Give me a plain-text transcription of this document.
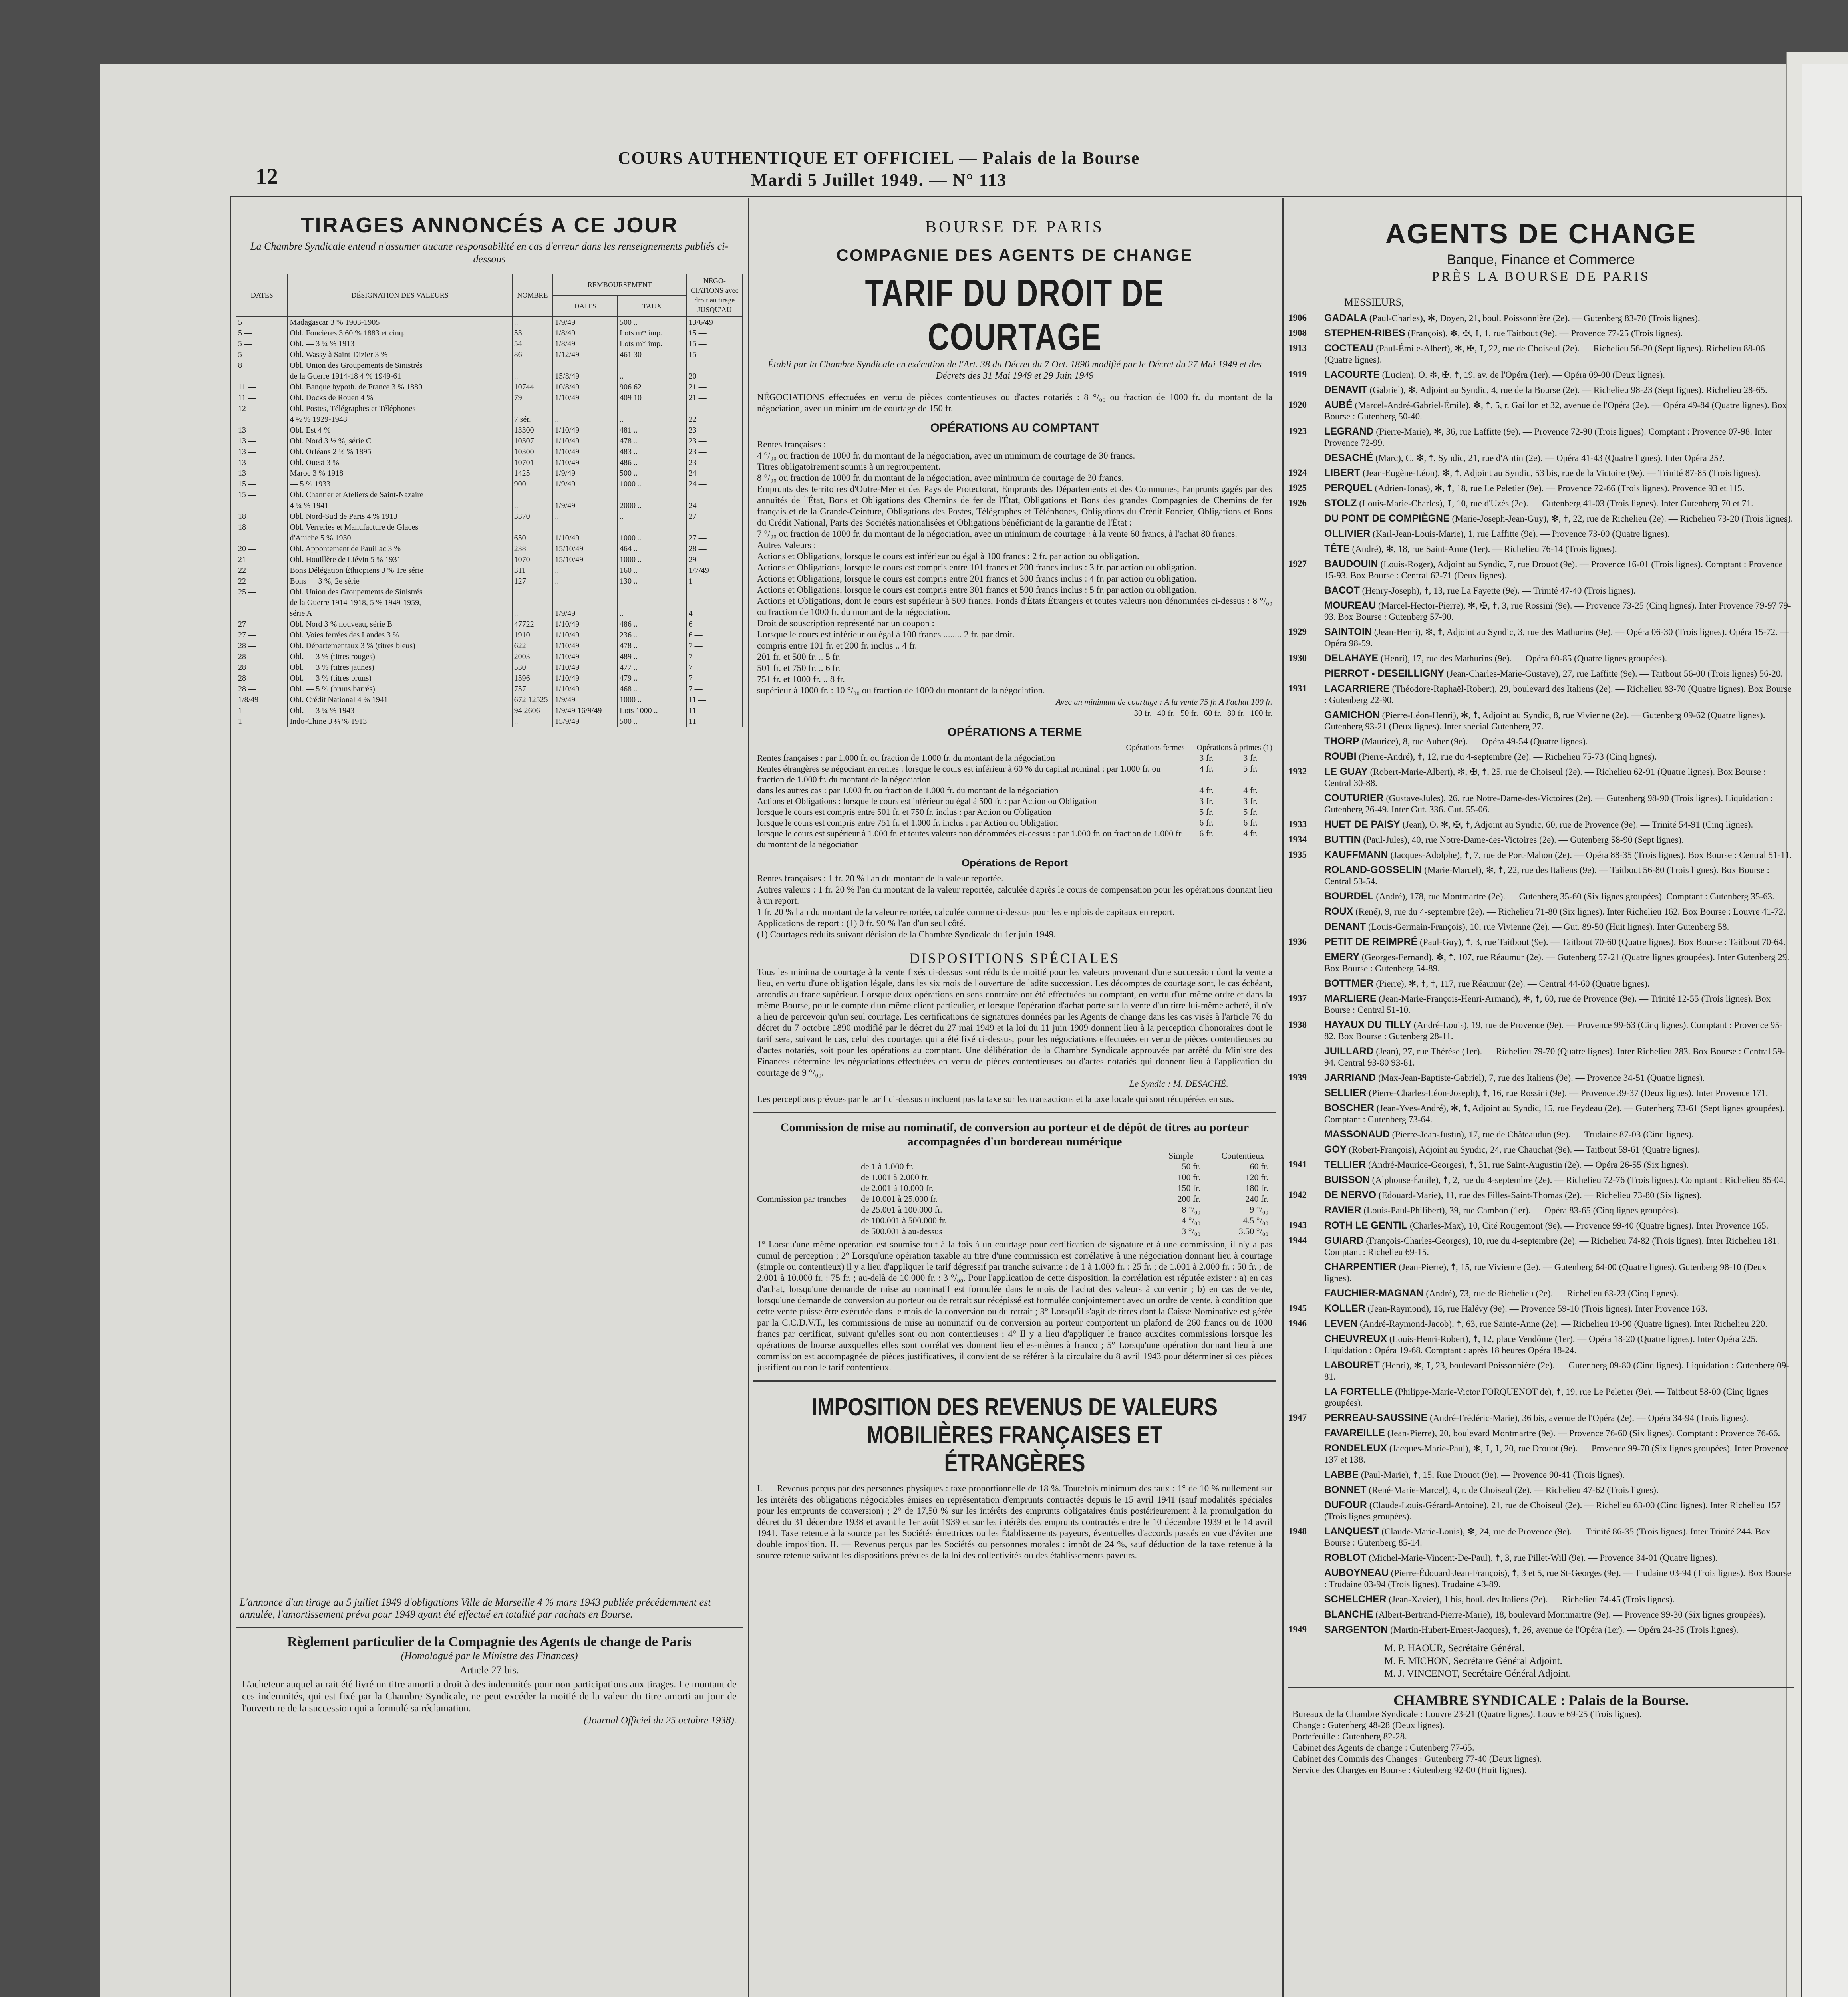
12
COURS AUTHENTIQUE ET OFFICIEL — Palais de la Bourse
Mardi 5 Juillet 1949. — N° 113
TIRAGES ANNONCÉS A CE JOUR
La Chambre Syndicale entend n'assumer aucune responsabilité en cas d'erreur dans les renseignements publiés ci-dessous
DATES	DÉSIGNATION DES VALEURS	NOMBRE	REMBOURSEMENT		NÉGO-CIATIONS avec droit au tirage JUSQU'AU
			DATES	TAUX	
5 —	Madagascar 3 % 1903-1905	..	1/9/49	500 ..	13/6/49
5 —	Obl. Foncières 3.60 % 1883 et cinq.	53	1/8/49	Lots m* imp.	15 —
5 —	Obl. — 3 ¼ % 1913	54	1/8/49	Lots m* imp.	15 —
5 —	Obl. Wassy à Saint-Dizier 3 %	86	1/12/49	461 30	15 —
8 —	Obl. Union des Groupements de Sinistrés				
	de la Guerre 1914-18 4 % 1949-61	..	15/8/49	..	20 —
11 —	Obl. Banque hypoth. de France 3 % 1880	10744	10/8/49	906 62	21 —
11 —	Obl. Docks de Rouen 4 %	79	1/10/49	409 10	21 —
12 —	Obl. Postes, Télégraphes et Téléphones				
	4 ½ % 1929-1948	7 sér.	..	..	22 —
13 —	Obl. Est 4 %	13300	1/10/49	481 ..	23 —
13 —	Obl. Nord 3 ½ %, série C	10307	1/10/49	478 ..	23 —
13 —	Obl. Orléans 2 ½ % 1895	10300	1/10/49	483 ..	23 —
13 —	Obl. Ouest 3 %	10701	1/10/49	486 ..	23 —
13 —	Maroc 3 % 1918	1425	1/9/49	500 ..	24 —
15 —	— 5 % 1933	900	1/9/49	1000 ..	24 —
15 —	Obl. Chantier et Ateliers de Saint-Nazaire				
	4 ¼ % 1941	..	1/9/49	2000 ..	24 —
18 —	Obl. Nord-Sud de Paris 4 % 1913	3370	..	..	27 —
18 —	Obl. Verreries et Manufacture de Glaces				
	d'Aniche 5 % 1930	650	1/10/49	1000 ..	27 —
20 —	Obl. Appontement de Pauillac 3 %	238	15/10/49	464 ..	28 —
21 —	Obl. Houillère de Liévin 5 % 1931	1070	15/10/49	1000 ..	29 —
22 —	Bons Délégation Éthiopiens 3 % 1re série	311	..	160 ..	1/7/49
22 —	Bons — 3 %, 2e série	127	..	130 ..	1 —
25 —	Obl. Union des Groupements de Sinistrés				
	de la Guerre 1914-1918, 5 % 1949-1959,				
	série A	..	1/9/49	..	4 —
27 —	Obl. Nord 3 % nouveau, série B	47722	1/10/49	486 ..	6 —
27 —	Obl. Voies ferrées des Landes 3 %	1910	1/10/49	236 ..	6 —
28 —	Obl. Départementaux 3 % (titres bleus)	622	1/10/49	478 ..	7 —
28 —	Obl. — 3 % (titres rouges)	2003	1/10/49	489 ..	7 —
28 —	Obl. — 3 % (titres jaunes)	530	1/10/49	477 ..	7 —
28 —	Obl. — 3 % (titres bruns)	1596	1/10/49	479 ..	7 —
28 —	Obl. — 5 % (bruns barrés)	757	1/10/49	468 ..	7 —
1/8/49	Obl. Crédit National 4 % 1941	672 12525	1/9/49	1000 ..	11 —
1 —	Obl. — 3 ¼ % 1943	94 2606	1/9/49 16/9/49	Lots 1000 ..	11 —
1 —	Indo-Chine 3 ¼ % 1913	..	15/9/49	500 ..	11 —
L'annonce d'un tirage au 5 juillet 1949 d'obligations Ville de Marseille 4 % mars 1943 publiée précédemment est annulée, l'amortissement prévu pour 1949 ayant été effectué en totalité par rachats en Bourse.
Règlement particulier de la Compagnie des Agents de change de Paris
(Homologué par le Ministre des Finances)
Article 27 bis.
L'acheteur auquel aurait été livré un titre amorti a droit à des indemnités pour non participations aux tirages. Le montant de ces indemnités, qui est fixé par la Chambre Syndicale, ne peut excéder la moitié de la valeur du titre amorti au jour de l'ouverture de la succession qui a formulé sa réclamation.
(Journal Officiel du 25 octobre 1938).
BOURSE DE PARIS
COMPAGNIE DES AGENTS DE CHANGE
TARIF DU DROIT DE COURTAGE
Établi par la Chambre Syndicale en exécution de l'Art. 38 du Décret du 7 Oct. 1890 modifié par le Décret du 27 Mai 1949 et des Décrets des 31 Mai 1949 et 29 Juin 1949
NÉGOCIATIONS effectuées en vertu de pièces contentieuses ou d'actes notariés : 8 °/₀₀ ou fraction de 1000 fr. du montant de la négociation, avec un minimum de courtage de 150 fr.
OPÉRATIONS AU COMPTANT
Rentes françaises :
4 °/₀₀ ou fraction de 1000 fr. du montant de la négociation, avec un minimum de courtage de 30 francs.
Titres obligatoirement soumis à un regroupement.
8 °/₀₀ ou fraction de 1000 fr. du montant de la négociation, avec minimum de courtage de 30 francs.
Emprunts des territoires d'Outre-Mer et des Pays de Protectorat, Emprunts des Départements et des Communes, Emprunts gagés par des annuités de l'État, Bons et Obligations des Chemins de fer de l'État, Obligations et Bons des grandes Compagnies de Chemins de fer français et de la Grande-Ceinture, Obligations des Postes, Télégraphes et Téléphones, Obligations du Crédit Foncier, Obligations et Bons du Crédit National, Parts des Sociétés nationalisées et Obligations bénéficiant de la garantie de l'État :
7 °/₀₀ ou fraction de 1000 fr. du montant de la négociation, avec un minimum de courtage : à la vente 60 francs, à l'achat 80 francs.
Autres Valeurs :
Actions et Obligations, lorsque le cours est inférieur ou égal à 100 francs : 2 fr. par action ou obligation.
Actions et Obligations, lorsque le cours est compris entre 101 francs et 200 francs inclus : 3 fr. par action ou obligation.
Actions et Obligations, lorsque le cours est compris entre 201 francs et 300 francs inclus : 4 fr. par action ou obligation.
Actions et Obligations, lorsque le cours est compris entre 301 francs et 500 francs inclus : 5 fr. par action ou obligation.
Actions et Obligations, dont le cours est supérieur à 500 francs, Fonds d'États Étrangers et toutes valeurs non dénommées ci-dessus : 8 °/₀₀ ou fraction de 1000 fr. du montant de la négociation.
Droit de souscription représenté par un coupon :
Lorsque le cours est inférieur ou égal à 100 francs ........ 2 fr. par droit.
compris entre 101 fr. et 200 fr. inclus .. 4 fr.
201 fr. et 500 fr. .. 5 fr.
501 fr. et 750 fr. .. 6 fr.
751 fr. et 1000 fr. .. 8 fr.
supérieur à 1000 fr. : 10 °/₀₀ ou fraction de 1000 du montant de la négociation.
Avec un minimum de courtage : A la vente 75 fr. A l'achat 100 fr.
30 fr. 40 fr. 50 fr. 60 fr. 80 fr. 100 fr.
OPÉRATIONS A TERME
Opérations fermes Opérations à primes (1)
Rentes françaises : par 1.000 fr. ou fraction de 1.000 fr. du montant de la négociation	3 fr.	3 fr.
Rentes étrangères se négociant en rentes : lorsque le cours est inférieur à 60 % du capital nominal : par 1.000 fr. ou fraction de 1.000 fr. du montant de la négociation
4 fr.	5 fr.
dans les autres cas : par 1.000 fr. ou fraction de 1.000 fr. du montant de la négociation	4 fr.	4 fr.
Actions et Obligations : lorsque le cours est inférieur ou égal à 500 fr. : par Action ou Obligation	3 fr.	3 fr.
lorsque le cours est compris entre 501 fr. et 750 fr. inclus : par Action ou Obligation	5 fr.	5 fr.
lorsque le cours est compris entre 751 fr. et 1.000 fr. inclus : par Action ou Obligation	6 fr.	6 fr.
lorsque le cours est supérieur à 1.000 fr. et toutes valeurs non dénommées ci-dessus : par 1.000 fr. ou fraction de 1.000 fr. du montant de la négociation
6 fr.	4 fr.
Opérations de Report
Rentes françaises : 1 fr. 20 % l'an du montant de la valeur reportée.
Autres valeurs : 1 fr. 20 % l'an du montant de la valeur reportée, calculée d'après le cours de compensation pour les opérations donnant lieu à un report.
1 fr. 20 % l'an du montant de la valeur reportée, calculée comme ci-dessus pour les emplois de capitaux en report.
Applications de report : (1) 0 fr. 90 % l'an d'un seul côté.
(1) Courtages réduits suivant décision de la Chambre Syndicale du 1er juin 1949.
DISPOSITIONS SPÉCIALES
Tous les minima de courtage à la vente fixés ci-dessus sont réduits de moitié pour les valeurs provenant d'une succession dont la vente a lieu, en vertu d'une obligation légale, dans les six mois de l'ouverture de ladite succession. Les décomptes de courtage sont, le cas échéant, arrondis au franc supérieur. Lorsque deux opérations en sens contraire ont été effectuées au comptant, en vertu d'un même ordre et dans la même Bourse, pour le compte d'un même client particulier, et lorsque l'opération d'achat porte sur la vente d'un titre lui-même acheté, il n'y a lieu de percevoir qu'un seul courtage. Les certifications de signatures données par les Agents de change dans les cas visés à l'article 76 du décret du 7 octobre 1890 modifié par le décret du 27 mai 1949 et la loi du 11 juin 1909 donnent lieu à la perception d'honoraires dont le tarif sera, suivant le cas, celui des courtages qui a été fixé ci-dessus, pour les négociations effectuées en vertu de pièces contentieuses ou d'actes notariés, soit pour les opérations au comptant. Une délibération de la Chambre Syndicale approuvée par arrêté du Ministre des Finances détermine les négociations effectuées en vertu de pièces contentieuses ou d'actes notariés qui donnent lieu à l'application du courtage de 9 °/₀₀.
Le Syndic : M. DESACHÉ.
Les perceptions prévues par le tarif ci-dessus n'incluent pas la taxe sur les transactions et la taxe locale qui sont récupérées en sus.
Commission de mise au nominatif, de conversion au porteur et de dépôt de titres au porteur accompagnées d'un bordereau numérique
Simple	Contentieux
Commission par tranches
de 1 à 1.000 fr.	50 fr.	60 fr.
de 1.001 à 2.000 fr.	100 fr.	120 fr.
de 2.001 à 10.000 fr.	150 fr.	180 fr.
de 10.001 à 25.000 fr.	200 fr.	240 fr.
de 25.001 à 100.000 fr.	8 °/₀₀	9 °/₀₀
de 100.001 à 500.000 fr.	4 °/₀₀	4.5 °/₀₀
de 500.001 à au-dessus	3 °/₀₀	3.50 °/₀₀
1° Lorsqu'une même opération est soumise tout à la fois à un courtage pour certification de signature et à une commission, il n'y a pas cumul de perception ; 2° Lorsqu'une opération taxable au titre d'une commission est corrélative à une négociation donnant lieu à courtage (simple ou contentieux) il y a lieu d'appliquer le tarif dégressif par tranche suivante : de 1 à 1.000 fr. : 25 fr. ; de 1.001 à 2.000 fr. : 50 fr. ; de 2.001 à 10.000 fr. : 75 fr. ; au-delà de 10.000 fr. : 3 °/₀₀. Pour l'application de cette disposition, la corrélation est réputée exister : a) en cas d'achat, lorsqu'une demande de mise au nominatif est formulée dans le mois de l'achat des valeurs à convertir ; b) en cas de vente, lorsqu'une demande de conversion au porteur ou de retrait sur récépissé est formulée conjointement avec un ordre de vente, à condition que cette vente puisse être exécutée dans le mois de la conversion ou du retrait ; 3° Lorsqu'il s'agit de titres dont la Caisse Nominative est gérée par la C.C.D.V.T., les commissions de mise au nominatif ou de conversion au porteur comportent un plafond de 260 francs ou de 1000 francs par certificat, suivant qu'elles sont ou non contentieuses ; 4° Il y a lieu d'appliquer le franco auxdites commissions lorsque les opérations de bourse auxquelles elles sont corrélatives donnent lieu elles-mêmes à franco ; 5° Lorsqu'une opération donnant lieu à une commission est accompagnée de pièces justificatives, il convient de se référer à la circulaire du 8 avril 1943 pour déterminer si ces pièces justifient ou non le tarif contentieux.
IMPOSITION DES REVENUS DE VALEURS MOBILIÈRES FRANÇAISES ET ÉTRANGÈRES
I. — Revenus perçus par des personnes physiques : taxe proportionnelle de 18 %. Toutefois minimum des taux : 1° de 10 % nullement sur les intérêts des obligations négociables émises en représentation d'emprunts contractés depuis le 15 avril 1941 (sauf modalités spéciales pour les emprunts de conversion) ; 2° de 17,50 % sur les intérêts des emprunts obligataires émis postérieurement à la promulgation du décret du 31 décembre 1938 et avant le 1er août 1939 et sur les intérêts des emprunts contractés entre le 10 décembre 1939 et le 14 avril 1941. Taxe retenue à la source par les Sociétés émettrices ou les Établissements payeurs, éventuelles d'accords passés en vue d'éviter une double imposition. II. — Revenus perçus par les Sociétés ou personnes morales : impôt de 24 %, sauf déduction de la taxe retenue à la source retenue suivant les dispositions prévues de la loi des collectivités ou des établissements payeurs.
AGENTS DE CHANGE
Banque, Finance et Commerce
PRÈS LA BOURSE DE PARIS
MESSIEURS,
1906	GADALA (Paul-Charles), ✻, Doyen, 21, boul. Poissonnière (2e). — Gutenberg 83-70 (Trois lignes).
1908	STEPHEN-RIBES (François), ✻, ✠, ☨, 1, rue Taitbout (9e). — Provence 77-25 (Trois lignes).
1913	COCTEAU (Paul-Émile-Albert), ✻, ✠, ☨, 22, rue de Choiseul (2e). — Richelieu 56-20 (Sept lignes). Richelieu 88-06 (Quatre lignes).
1919	LACOURTE (Lucien), O. ✻, ✠, ☨, 19, av. de l'Opéra (1er). — Opéra 09-00 (Deux lignes).
DENAVIT (Gabriel), ✻, Adjoint au Syndic, 4, rue de la Bourse (2e). — Richelieu 98-23 (Sept lignes). Richelieu 28-65.
1920	AUBÉ (Marcel-André-Gabriel-Émile), ✻, ☨, 5, r. Gaillon et 32, avenue de l'Opéra (2e). — Opéra 49-84 (Quatre lignes). Box Bourse : Gutenberg 50-40.
1923	LEGRAND (Pierre-Marie), ✻, 36, rue Laffitte (9e). — Provence 72-90 (Trois lignes). Comptant : Provence 07-98. Inter Provence 72-99.
DESACHÉ (Marc), C. ✻, ☨, Syndic, 21, rue d'Antin (2e). — Opéra 41-43 (Quatre lignes). Inter Opéra 25?.
1924	LIBERT (Jean-Eugène-Léon), ✻, ☨, Adjoint au Syndic, 53 bis, rue de la Victoire (9e). — Trinité 87-85 (Trois lignes).
1925	PERQUEL (Adrien-Jonas), ✻, ☨, 18, rue Le Peletier (9e). — Provence 72-66 (Trois lignes). Provence 93 et 115.
1926	STOLZ (Louis-Marie-Charles), ☨, 10, rue d'Uzès (2e). — Gutenberg 41-03 (Trois lignes). Inter Gutenberg 70 et 71.
DU PONT DE COMPIÈGNE (Marie-Joseph-Jean-Guy), ✻, ☨, 22, rue de Richelieu (2e). — Richelieu 73-20 (Trois lignes).
OLLIVIER (Karl-Jean-Louis-Marie), 1, rue Laffitte (9e). — Provence 73-00 (Quatre lignes).
TÊTE (André), ✻, 18, rue Saint-Anne (1er). — Richelieu 76-14 (Trois lignes).
1927	BAUDOUIN (Louis-Roger), Adjoint au Syndic, 7, rue Drouot (9e). — Provence 16-01 (Trois lignes). Comptant : Provence 15-93. Box Bourse : Central 62-71 (Deux lignes).
BACOT (Henry-Joseph), ☨, 13, rue La Fayette (9e). — Trinité 47-40 (Trois lignes).
MOUREAU (Marcel-Hector-Pierre), ✻, ✠, ☨, 3, rue Rossini (9e). — Provence 73-25 (Cinq lignes). Inter Provence 79-97 79-93. Box Bourse : Gutenberg 57-90.
1929	SAINTOIN (Jean-Henri), ✻, ☨, Adjoint au Syndic, 3, rue des Mathurins (9e). — Opéra 06-30 (Trois lignes). Opéra 15-72. — Opéra 98-59.
1930	DELAHAYE (Henri), 17, rue des Mathurins (9e). — Opéra 60-85 (Quatre lignes groupées).
PIERROT - DESEILLIGNY (Jean-Charles-Marie-Gustave), 27, rue Laffitte (9e). — Taitbout 56-00 (Trois lignes) 56-20.
1931	LACARRIERE (Théodore-Raphaël-Robert), 29, boulevard des Italiens (2e). — Richelieu 83-70 (Quatre lignes). Box Bourse : Gutenberg 22-90.
GAMICHON (Pierre-Léon-Henri), ✻, ☨, Adjoint au Syndic, 8, rue Vivienne (2e). — Gutenberg 09-62 (Quatre lignes). Gutenberg 93-21 (Deux lignes). Inter spécial Gutenberg 27.
THORP (Maurice), 8, rue Auber (9e). — Opéra 49-54 (Quatre lignes).
ROUBI (Pierre-André), ☨, 12, rue du 4-septembre (2e). — Richelieu 75-73 (Cinq lignes).
1932	LE GUAY (Robert-Marie-Albert), ✻, ✠, ☨, 25, rue de Choiseul (2e). — Richelieu 62-91 (Quatre lignes). Box Bourse : Central 30-88.
COUTURIER (Gustave-Jules), 26, rue Notre-Dame-des-Victoires (2e). — Gutenberg 98-90 (Trois lignes). Liquidation : Gutenberg 26-49. Inter Gut. 336. Gut. 55-06.
1933	HUET DE PAISY (Jean), O. ✻, ✠, ☨, Adjoint au Syndic, 60, rue de Provence (9e). — Trinité 54-91 (Cinq lignes).
1934	BUTTIN (Paul-Jules), 40, rue Notre-Dame-des-Victoires (2e). — Gutenberg 58-90 (Sept lignes).
1935	KAUFFMANN (Jacques-Adolphe), ☨, 7, rue de Port-Mahon (2e). — Opéra 88-35 (Trois lignes). Box Bourse : Central 51-11.
ROLAND-GOSSELIN (Marie-Marcel), ✻, ☨, 22, rue des Italiens (9e). — Taitbout 56-80 (Trois lignes). Box Bourse : Central 53-54.
BOURDEL (André), 178, rue Montmartre (2e). — Gutenberg 35-60 (Six lignes groupées). Comptant : Gutenberg 35-63.
ROUX (René), 9, rue du 4-septembre (2e). — Richelieu 71-80 (Six lignes). Inter Richelieu 162. Box Bourse : Louvre 41-72.
DENANT (Louis-Germain-François), 10, rue Vivienne (2e). — Gut. 89-50 (Huit lignes). Inter Gutenberg 58.
1936	PETIT DE REIMPRÉ (Paul-Guy), ☨, 3, rue Taitbout (9e). — Taitbout 70-60 (Quatre lignes). Box Bourse : Taitbout 70-64.
EMERY (Georges-Fernand), ✻, ☨, 107, rue Réaumur (2e). — Gutenberg 57-21 (Quatre lignes groupées). Inter Gutenberg 29. Box Bourse : Gutenberg 54-89.
BOTTMER (Pierre), ✻, ☨, ☨, 117, rue Réaumur (2e). — Central 44-60 (Quatre lignes).
1937	MARLIERE (Jean-Marie-François-Henri-Armand), ✻, ☨, 60, rue de Provence (9e). — Trinité 12-55 (Trois lignes). Box Bourse : Central 51-10.
1938	HAYAUX DU TILLY (André-Louis), 19, rue de Provence (9e). — Provence 99-63 (Cinq lignes). Comptant : Provence 95-82. Box Bourse : Gutenberg 28-11.
JUILLARD (Jean), 27, rue Thérèse (1er). — Richelieu 79-70 (Quatre lignes). Inter Richelieu 283. Box Bourse : Central 59-94. Central 93-80 93-81.
1939	JARRIAND (Max-Jean-Baptiste-Gabriel), 7, rue des Italiens (9e). — Provence 34-51 (Quatre lignes).
SELLIER (Pierre-Charles-Léon-Joseph), ☨, 16, rue Rossini (9e). — Provence 39-37 (Deux lignes). Inter Provence 171.
BOSCHER (Jean-Yves-André), ✻, ☨, Adjoint au Syndic, 15, rue Feydeau (2e). — Gutenberg 73-61 (Sept lignes groupées). Comptant : Gutenberg 73-64.
MASSONAUD (Pierre-Jean-Justin), 17, rue de Châteaudun (9e). — Trudaine 87-03 (Cinq lignes).
GOY (Robert-François), Adjoint au Syndic, 24, rue Chauchat (9e). — Taitbout 59-61 (Quatre lignes).
1941	TELLIER (André-Maurice-Georges), ☨, 31, rue Saint-Augustin (2e). — Opéra 26-55 (Six lignes).
BUISSON (Alphonse-Émile), ☨, 2, rue du 4-septembre (2e). — Richelieu 72-76 (Trois lignes). Comptant : Richelieu 85-04.
1942	DE NERVO (Edouard-Marie), 11, rue des Filles-Saint-Thomas (2e). — Richelieu 73-80 (Six lignes).
RAVIER (Louis-Paul-Philibert), 39, rue Cambon (1er). — Opéra 83-65 (Cinq lignes groupées).
1943	ROTH LE GENTIL (Charles-Max), 10, Cité Rougemont (9e). — Provence 99-40 (Quatre lignes). Inter Provence 165.
1944	GUIARD (François-Charles-Georges), 10, rue du 4-septembre (2e). — Richelieu 74-82 (Trois lignes). Inter Richelieu 181. Comptant : Richelieu 69-15.
CHARPENTIER (Jean-Pierre), ☨, 15, rue Vivienne (2e). — Gutenberg 64-00 (Quatre lignes). Gutenberg 98-10 (Deux lignes).
FAUCHIER-MAGNAN (André), 73, rue de Richelieu (2e). — Richelieu 63-23 (Cinq lignes).
1945	KOLLER (Jean-Raymond), 16, rue Halévy (9e). — Provence 59-10 (Trois lignes). Inter Provence 163.
1946	LEVEN (André-Raymond-Jacob), ☨, 63, rue Sainte-Anne (2e). — Richelieu 19-90 (Quatre lignes). Inter Richelieu 220.
CHEUVREUX (Louis-Henri-Robert), ☨, 12, place Vendôme (1er). — Opéra 18-20 (Quatre lignes). Inter Opéra 225. Liquidation : Opéra 19-68. Comptant : après 18 heures Opéra 18-24.
LABOURET (Henri), ✻, ☨, 23, boulevard Poissonnière (2e). — Gutenberg 09-80 (Cinq lignes). Liquidation : Gutenberg 09-81.
LA FORTELLE (Philippe-Marie-Victor FORQUENOT de), ☨, 19, rue Le Peletier (9e). — Taitbout 58-00 (Cinq lignes groupées).
1947	PERREAU-SAUSSINE (André-Frédéric-Marie), 36 bis, avenue de l'Opéra (2e). — Opéra 34-94 (Trois lignes).
FAVAREILLE (Jean-Pierre), 20, boulevard Montmartre (9e). — Provence 76-60 (Six lignes). Comptant : Provence 76-66.
RONDELEUX (Jacques-Marie-Paul), ✻, ☨, ☨, 20, rue Drouot (9e). — Provence 99-70 (Six lignes groupées). Inter Provence 137 et 138.
LABBE (Paul-Marie), ☨, 15, Rue Drouot (9e). — Provence 90-41 (Trois lignes).
BONNET (René-Marie-Marcel), 4, r. de Choiseul (2e). — Richelieu 47-62 (Trois lignes).
DUFOUR (Claude-Louis-Gérard-Antoine), 21, rue de Choiseul (2e). — Richelieu 63-00 (Cinq lignes). Inter Richelieu 157 (Trois lignes groupées).
1948	LANQUEST (Claude-Marie-Louis), ✻, 24, rue de Provence (9e). — Trinité 86-35 (Trois lignes). Inter Trinité 244. Box Bourse : Gutenberg 85-14.
ROBLOT (Michel-Marie-Vincent-De-Paul), ☨, 3, rue Pillet-Will (9e). — Provence 34-01 (Quatre lignes).
AUBOYNEAU (Pierre-Édouard-Jean-François), ☨, 3 et 5, rue St-Georges (9e). — Trudaine 03-94 (Trois lignes). Box Bourse : Trudaine 03-94 (Trois lignes). Trudaine 43-89.
SCHELCHER (Jean-Xavier), 1 bis, boul. des Italiens (2e). — Richelieu 74-45 (Trois lignes).
BLANCHE (Albert-Bertrand-Pierre-Marie), 18, boulevard Montmartre (9e). — Provence 99-30 (Six lignes groupées).
1949	SARGENTON (Martin-Hubert-Ernest-Jacques), ☨, 26, avenue de l'Opéra (1er). — Opéra 24-35 (Trois lignes).
M. P. HAOUR, Secrétaire Général.
M. F. MICHON, Secrétaire Général Adjoint.
M. J. VINCENOT, Secrétaire Général Adjoint.
CHAMBRE SYNDICALE : Palais de la Bourse.
Bureaux de la Chambre Syndicale : Louvre 23-21 (Quatre lignes). Louvre 69-25 (Trois lignes).
Change : Gutenberg 48-28 (Deux lignes).
Portefeuille : Gutenberg 82-28.
Cabinet des Agents de change : Gutenberg 77-65.
Cabinet des Commis des Changes : Gutenberg 77-40 (Deux lignes).
Service des Charges en Bourse : Gutenberg 92-00 (Huit lignes).
